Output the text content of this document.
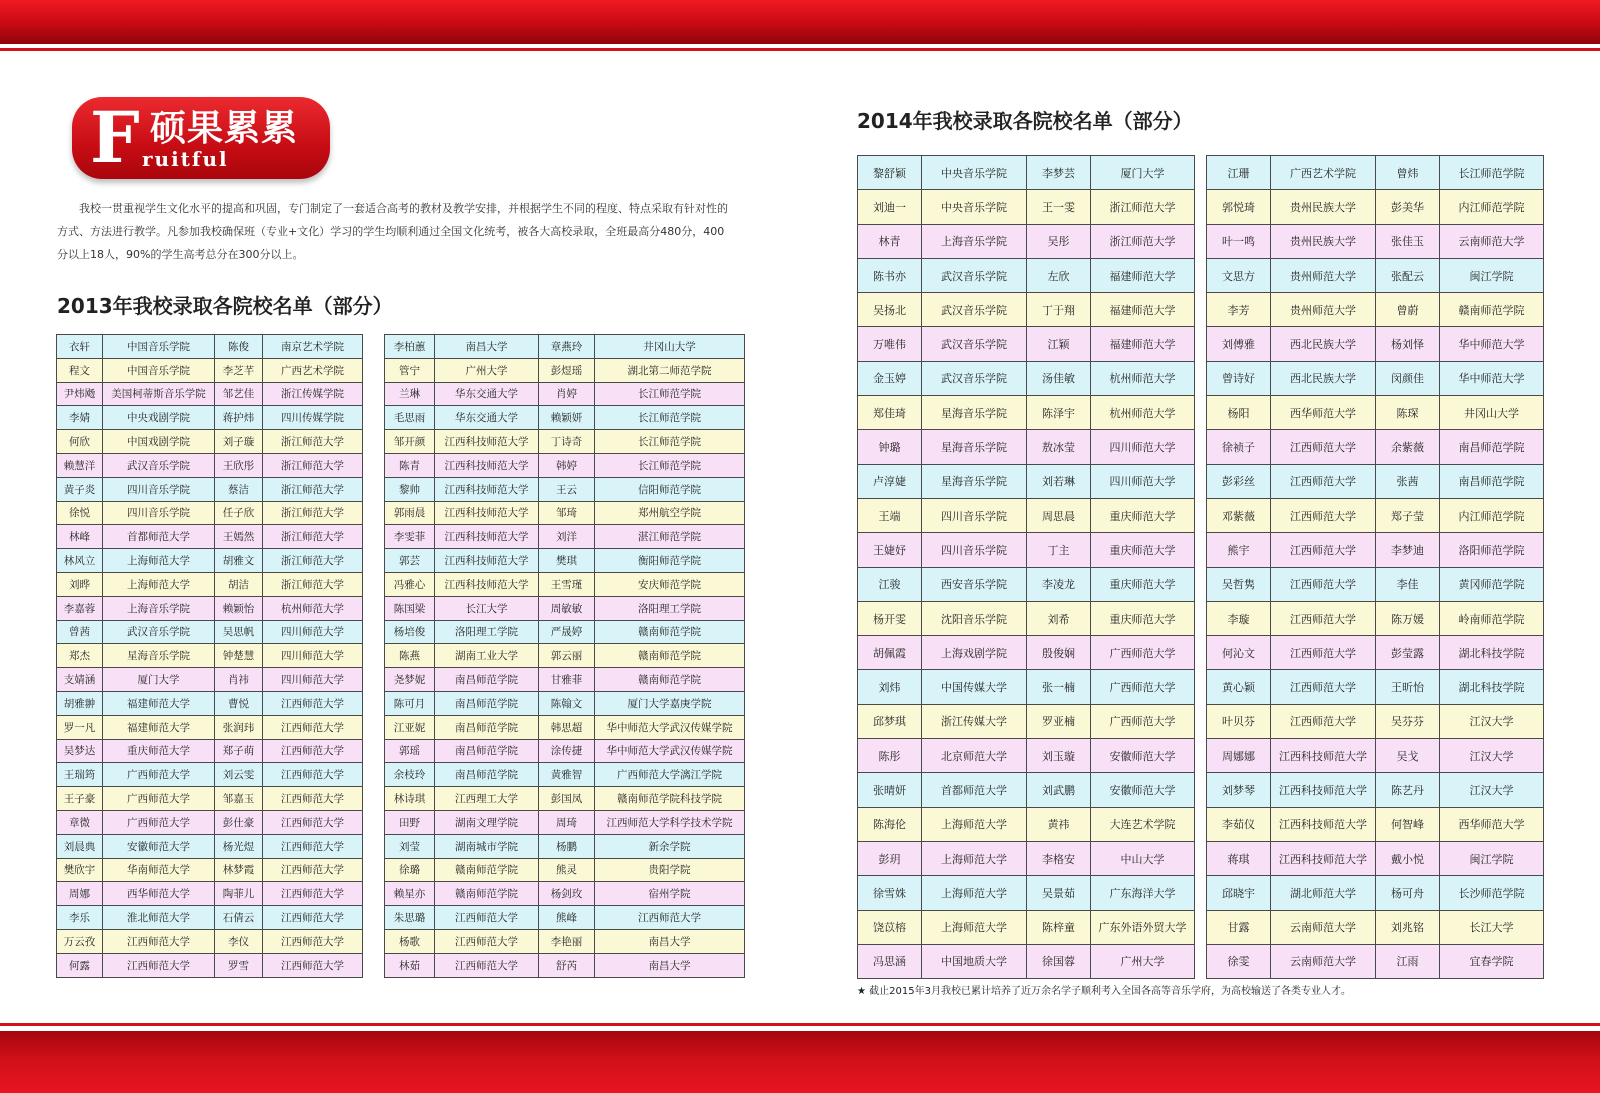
F 硕果累累
ruitful

我校一贯重视学生文化水平的提高和巩固，专门制定了一套适合高考的教材及教学安排，并根据学生不同的程度、特点采取有针对性的方式、方法进行教学。凡参加我校确保班（专业+文化）学习的学生均顺利通过全国文化统考，被各大高校录取，全班最高分480分，400分以上18人，90%的学生高考总分在300分以上。

2013年我校录取各院校名单（部分）
2014年我校录取各院校名单（部分）
衣轩	中国音乐学院	陈俊	南京艺术学院
程文	中国音乐学院	李芝芊	广西艺术学院
尹炜飏	美国柯蒂斯音乐学院	邹艺佳	浙江传媒学院
李婧	中央戏剧学院	蒋护炜	四川传媒学院
何欣	中国戏剧学院	刘子璇	浙江师范大学
赖慧洋	武汉音乐学院	王欣彤	浙江师范大学
黄子炎	四川音乐学院	蔡洁	浙江师范大学
徐悦	四川音乐学院	任子欣	浙江师范大学
林峰	首都师范大学	王嫣然	浙江师范大学
林风立	上海师范大学	胡雅文	浙江师范大学
刘晔	上海师范大学	胡洁	浙江师范大学
李嘉蓉	上海音乐学院	赖颖怡	杭州师范大学
曾茜	武汉音乐学院	吴思帆	四川师范大学
郑杰	星海音乐学院	钟楚慧	四川师范大学
支婧涵	厦门大学	肖祎	四川师范大学
胡雅翀	福建师范大学	曹悦	江西师范大学
罗一凡	福建师范大学	张润玮	江西师范大学
吴梦达	重庆师范大学	郑子萌	江西师范大学
王瑞筠	广西师范大学	刘云雯	江西师范大学
王子豪	广西师范大学	邹嘉玉	江西师范大学
章微	广西师范大学	彭仕豪	江西师范大学
刘晨典	安徽师范大学	杨光煜	江西师范大学
樊欣宇	华南师范大学	林梦霞	江西师范大学
周娜	西华师范大学	陶菲儿	江西师范大学
李乐	淮北师范大学	石倩云	江西师范大学
万云孜	江西师范大学	李仪	江西师范大学
何露	江西师范大学	罗雪	江西师范大学
李柏蕙	南昌大学	章燕玲	井冈山大学
管宁	广州大学	彭煜瑶	湖北第二师范学院
兰琳	华东交通大学	肖婷	长江师范学院
毛思雨	华东交通大学	赖颖妍	长江师范学院
邹开颜	江西科技师范大学	丁诗奇	长江师范学院
陈青	江西科技师范大学	韩婷	长江师范学院
黎帅	江西科技师范大学	王云	信阳师范学院
郭雨晨	江西科技师范大学	邹琦	郑州航空学院
李雯菲	江西科技师范大学	刘洋	湛江师范学院
郭芸	江西科技师范大学	樊琪	衡阳师范学院
冯雅心	江西科技师范大学	王雪瑾	安庆师范学院
陈国梁	长江大学	周敏敏	洛阳理工学院
杨培俊	洛阳理工学院	严晟婷	赣南师范学院
陈燕	湖南工业大学	郭云丽	赣南师范学院
尧梦妮	南昌师范学院	甘雅菲	赣南师范学院
陈可月	南昌师范学院	陈翰文	厦门大学嘉庚学院
江亚妮	南昌师范学院	韩思超	华中师范大学武汉传媒学院
郭瑶	南昌师范学院	涂传捷	华中师范大学武汉传媒学院
余枝玲	南昌师范学院	黄雅智	广西师范大学漓江学院
林诗琪	江西理工大学	彭国凤	赣南师范学院科技学院
田野	湖南文理学院	周琦	江西师范大学科学技术学院
刘莹	湖南城市学院	杨鹏	新余学院
徐璐	赣南师范学院	熊灵	贵阳学院
赖星亦	赣南师范学院	杨剑玫	宿州学院
朱思璐	江西师范大学	熊峰	江西师范大学
杨歌	江西师范大学	李艳丽	南昌大学
林茹	江西师范大学	舒芮	南昌大学
黎舒颖	中央音乐学院	李梦芸	厦门大学
刘迪一	中央音乐学院	王一雯	浙江师范大学
林青	上海音乐学院	吴彤	浙江师范大学
陈书亦	武汉音乐学院	左欣	福建师范大学
吴扬北	武汉音乐学院	丁于翔	福建师范大学
万唯伟	武汉音乐学院	江颖	福建师范大学
金玉婷	武汉音乐学院	汤佳敏	杭州师范大学
郑佳琦	星海音乐学院	陈泽宇	杭州师范大学
钟璐	星海音乐学院	敖冰莹	四川师范大学
卢淳婕	星海音乐学院	刘若琳	四川师范大学
王端	四川音乐学院	周思晨	重庆师范大学
王婕妤	四川音乐学院	丁主	重庆师范大学
江骏	西安音乐学院	李凌龙	重庆师范大学
杨开雯	沈阳音乐学院	刘希	重庆师范大学
胡佩霞	上海戏剧学院	殷俊娴	广西师范大学
刘炜	中国传媒大学	张一楠	广西师范大学
邱梦琪	浙江传媒大学	罗亚楠	广西师范大学
陈彤	北京师范大学	刘玉璇	安徽师范大学
张晴妍	首都师范大学	刘武鹏	安徽师范大学
陈海伦	上海师范大学	黄祎	大连艺术学院
彭玥	上海师范大学	李格安	中山大学
徐雪姝	上海师范大学	吴景茹	广东海洋大学
饶苡榕	上海师范大学	陈梓童	广东外语外贸大学
冯思涵	中国地质大学	徐国蓉	广州大学
江珊	广西艺术学院	曾炜	长江师范学院
郭悦琦	贵州民族大学	彭美华	内江师范学院
叶一鸣	贵州民族大学	张佳玉	云南师范大学
文思方	贵州师范大学	张配云	闽江学院
李芳	贵州师范大学	曾蔚	赣南师范学院
刘傅雅	西北民族大学	杨刘怿	华中师范大学
曾诗好	西北民族大学	闵颜佳	华中师范大学
杨阳	西华师范大学	陈琛	井冈山大学
徐祯子	江西师范大学	余紫薇	南昌师范学院
彭彩丝	江西师范大学	张茜	南昌师范学院
邓紫薇	江西师范大学	郑子莹	内江师范学院
熊宇	江西师范大学	李梦迪	洛阳师范学院
吴哲隽	江西师范大学	李佳	黄冈师范学院
李璇	江西师范大学	陈万媛	岭南师范学院
何沁文	江西师范大学	彭莹露	湖北科技学院
黄心颖	江西师范大学	王昕怡	湖北科技学院
叶贝芬	江西师范大学	吴芬芬	江汉大学
周娜娜	江西科技师范大学	吴戈	江汉大学
刘梦琴	江西科技师范大学	陈艺丹	江汉大学
李茹仪	江西科技师范大学	何智峰	西华师范大学
蒋琪	江西科技师范大学	戴小悦	闽江学院
邱晓宇	湖北师范大学	杨可舟	长沙师范学院
甘露	云南师范大学	刘兆铭	长江大学
徐雯	云南师范大学	江雨	宜春学院

★ 截止2015年3月我校已累计培养了近万余名学子顺利考入全国各高等音乐学府，为高校输送了各类专业人才。
